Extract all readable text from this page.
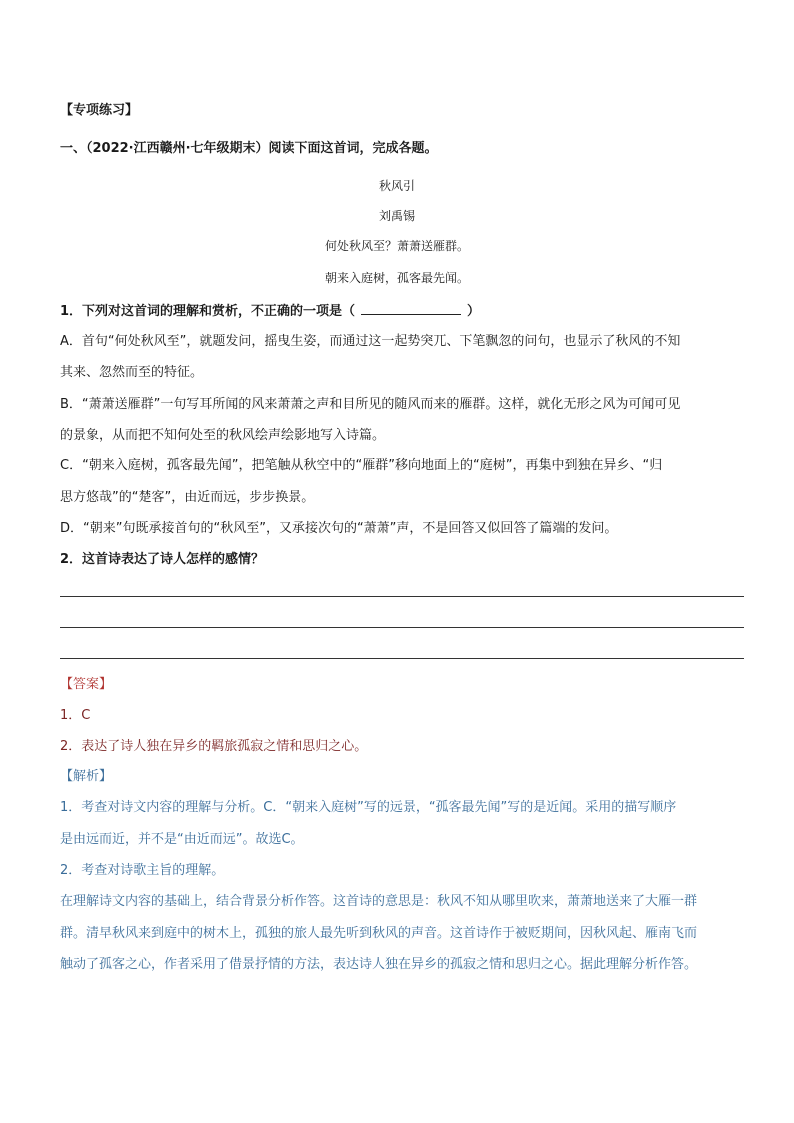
【专项练习】
一、（2022·江西赣州·七年级期末）阅读下面这首词，完成各题。
秋风引
刘禹锡
何处秋风至？萧萧送雁群。
朝来入庭树，孤客最先闻。
1．下列对这首词的理解和赏析，不正确的一项是（	）
A．首句“何处秋风至”，就题发问，摇曳生姿，而通过这一起势突兀、下笔飘忽的问句，也显示了秋风的不知
其来、忽然而至的特征。
B．“萧萧送雁群”一句写耳所闻的风来萧萧之声和目所见的随风而来的雁群。这样，就化无形之风为可闻可见
的景象，从而把不知何处至的秋风绘声绘影地写入诗篇。
C．“朝来入庭树，孤客最先闻”，把笔触从秋空中的“雁群”移向地面上的“庭树”，再集中到独在异乡、“归
思方悠哉”的“楚客”，由近而远，步步换景。
D．“朝来”句既承接首句的“秋风至”，又承接次句的“萧萧”声，不是回答又似回答了篇端的发问。
2．这首诗表达了诗人怎样的感情？
【答案】
1．C
2．表达了诗人独在异乡的羁旅孤寂之情和思归之心。
【解析】
1．考查对诗文内容的理解与分析。C．“朝来入庭树”写的远景，“孤客最先闻”写的是近闻。采用的描写顺序
是由远而近，并不是“由近而远”。故选C。
2．考查对诗歌主旨的理解。
在理解诗文内容的基础上，结合背景分析作答。这首诗的意思是：秋风不知从哪里吹来，萧萧地送来了大雁一群
群。清早秋风来到庭中的树木上，孤独的旅人最先听到秋风的声音。这首诗作于被贬期间，因秋风起、雁南飞而
触动了孤客之心，作者采用了借景抒情的方法，表达诗人独在异乡的孤寂之情和思归之心。据此理解分析作答。
